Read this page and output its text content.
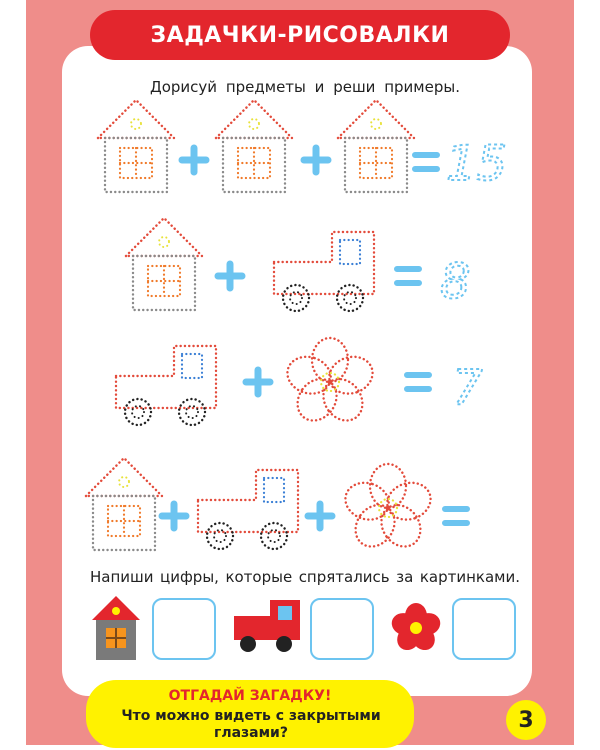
ЗАДАЧКИ-РИСОВАЛКИ
Дорисуй предметы и реши примеры.
15
8
7
Напиши цифры, которые спрятались за картинками.
ОТГАДАЙ ЗАГАДКУ!
Что можно видеть с закрытыми глазами?
3
